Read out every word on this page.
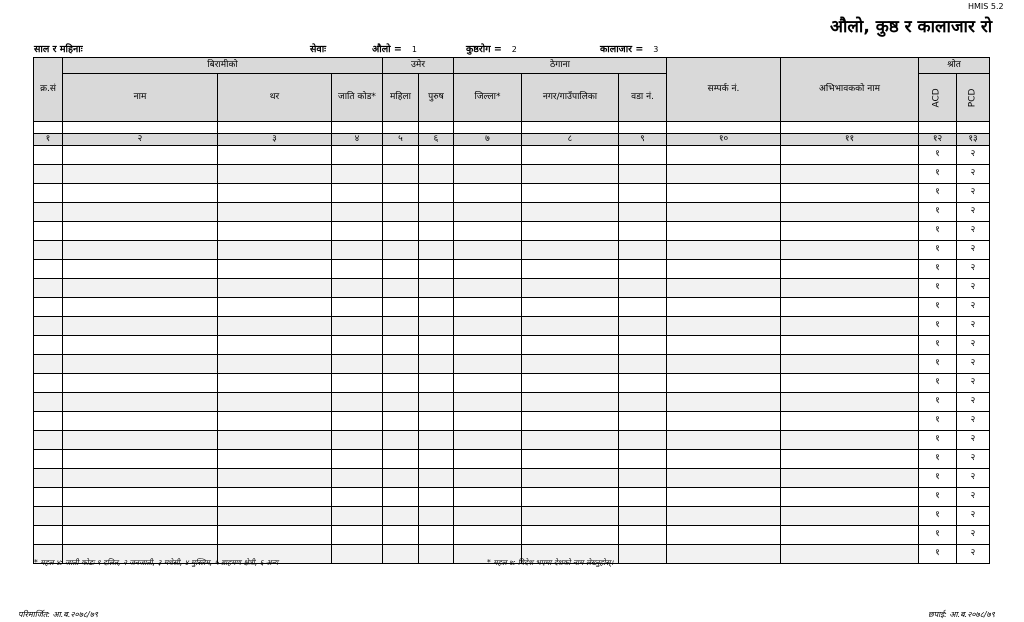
HMIS 5.2
औलो, कुष्ठ र कालाजार रो
साल र महिनाः	सेवाः	औलो = 1	कुष्ठरोग = 2	कालाजार = 3
क्र.सं	बिरामीको			उमेर		ठेगाना			सम्पर्क नं.	अभिभावकको नाम	श्रोत	
	नाम	थर	जाति कोड*	महिला	पुरुष	जिल्ला*	नगर/गाउँपालिका	वडा नं.			ACD	PCD

१	२	३	४	५	६	७	८	९	१०	११	१२	१३
											१	२
											१	२
											१	२
											१	२
											१	२
											१	२
											१	२
											१	२
											१	२
											१	२
											१	२
											१	२
											१	२
											१	२
											१	२
											१	२
											१	२
											१	२
											१	२
											१	२
											१	२
											१	२
* महल ४: जाती कोडः १ दलित, २ जनजाती, ३ मधेसी, ४ मुस्लिम, ५ ब्राहमण क्षेत्री, ६ अन्य	* महल ७: विदेश भएमा देशको नाम लेख्नुहोस्।
परिमार्जित: आ.ब.२०७८/७९	छपाई: आ.ब.२०७८/७९
